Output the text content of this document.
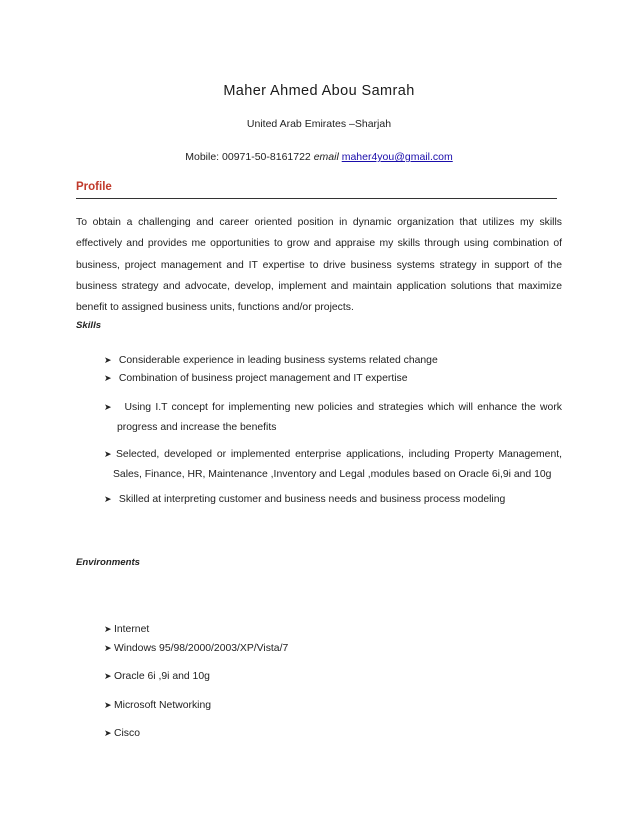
Maher Ahmed Abou Samrah
United Arab Emirates –Sharjah
Mobile: 00971-50-8161722 email maher4you@gmail.com
Profile
To obtain a challenging and career oriented position in dynamic organization that utilizes my skills effectively and provides me opportunities to grow and appraise my skills through using combination of business, project management and IT expertise to drive business systems strategy in support of the business strategy and advocate, develop, implement and maintain application solutions that maximize benefit to assigned business units, functions and/or projects.
Skills
➤ Considerable experience in leading business systems related change
➤ Combination of business project management and IT expertise
➤ Using I.T concept for implementing new policies and strategies which will enhance the work
progress and increase the benefits
➤ Selected, developed or implemented enterprise applications, including Property Management,
Sales, Finance, HR, Maintenance ,Inventory and Legal ,modules based on Oracle 6i,9i and 10g
➤ Skilled at interpreting customer and business needs and business process modeling
Environments
➤ Internet
➤ Windows 95/98/2000/2003/XP/Vista/7
➤ Oracle 6i ,9i and 10g
➤ Microsoft Networking
➤ Cisco
